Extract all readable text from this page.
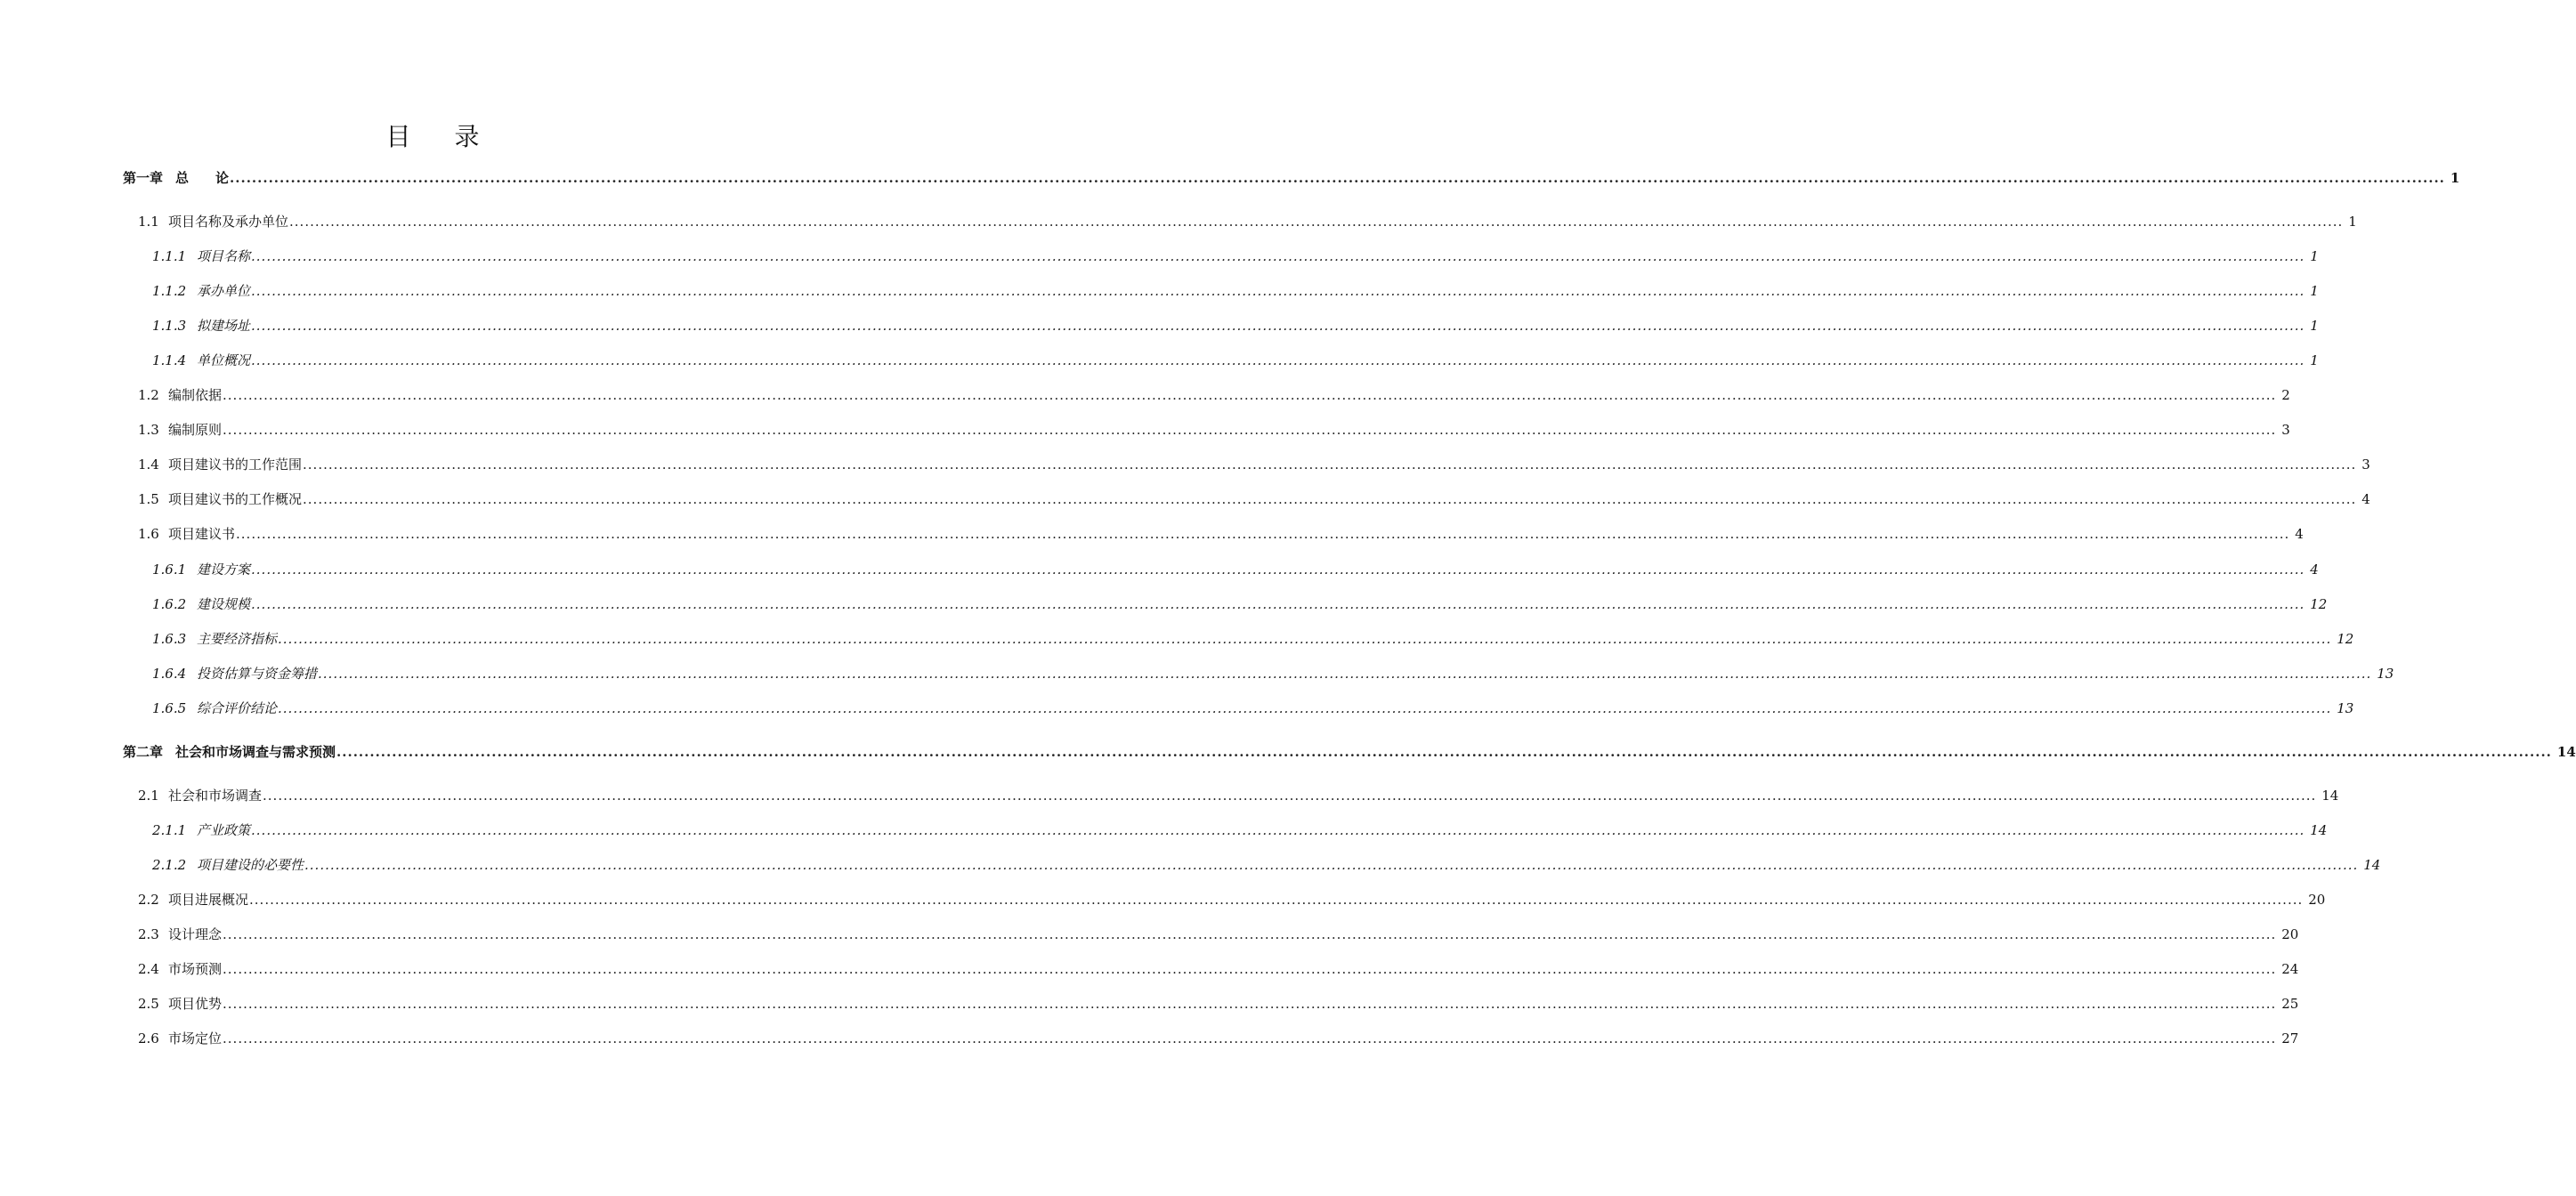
目 录
第一章 总　　论 ................................................................................................................................................................................................................................................................................................................................................................................................................ 1
1.1 项目名称及承办单位 ................................................................................................................................................................................................................................................................................................................................................................................................................ 1
1.1.1 项目名称 ................................................................................................................................................................................................................................................................................................................................................................................................................ 1
1.1.2 承办单位 ................................................................................................................................................................................................................................................................................................................................................................................................................ 1
1.1.3 拟建场址 ................................................................................................................................................................................................................................................................................................................................................................................................................ 1
1.1.4 单位概况 ................................................................................................................................................................................................................................................................................................................................................................................................................ 1
1.2 编制依据 ................................................................................................................................................................................................................................................................................................................................................................................................................ 2
1.3 编制原则 ................................................................................................................................................................................................................................................................................................................................................................................................................ 3
1.4 项目建议书的工作范围 ................................................................................................................................................................................................................................................................................................................................................................................................................ 3
1.5 项目建议书的工作概况 ................................................................................................................................................................................................................................................................................................................................................................................................................ 4
1.6 项目建议书 ................................................................................................................................................................................................................................................................................................................................................................................................................ 4
1.6.1 建设方案 ................................................................................................................................................................................................................................................................................................................................................................................................................ 4
1.6.2 建设规模 ................................................................................................................................................................................................................................................................................................................................................................................................................ 12
1.6.3 主要经济指标 ................................................................................................................................................................................................................................................................................................................................................................................................................ 12
1.6.4 投资估算与资金筹措 ................................................................................................................................................................................................................................................................................................................................................................................................................ 13
1.6.5 综合评价结论 ................................................................................................................................................................................................................................................................................................................................................................................................................ 13
第二章 社会和市场调查与需求预测 ................................................................................................................................................................................................................................................................................................................................................................................................................ 14
2.1 社会和市场调查 ................................................................................................................................................................................................................................................................................................................................................................................................................ 14
2.1.1 产业政策 ................................................................................................................................................................................................................................................................................................................................................................................................................ 14
2.1.2 项目建设的必要性 ................................................................................................................................................................................................................................................................................................................................................................................................................ 14
2.2 项目进展概况 ................................................................................................................................................................................................................................................................................................................................................................................................................ 20
2.3 设计理念 ................................................................................................................................................................................................................................................................................................................................................................................................................ 20
2.4 市场预测 ................................................................................................................................................................................................................................................................................................................................................................................................................ 24
2.5 项目优势 ................................................................................................................................................................................................................................................................................................................................................................................................................ 25
2.6 市场定位 ................................................................................................................................................................................................................................................................................................................................................................................................................ 27
